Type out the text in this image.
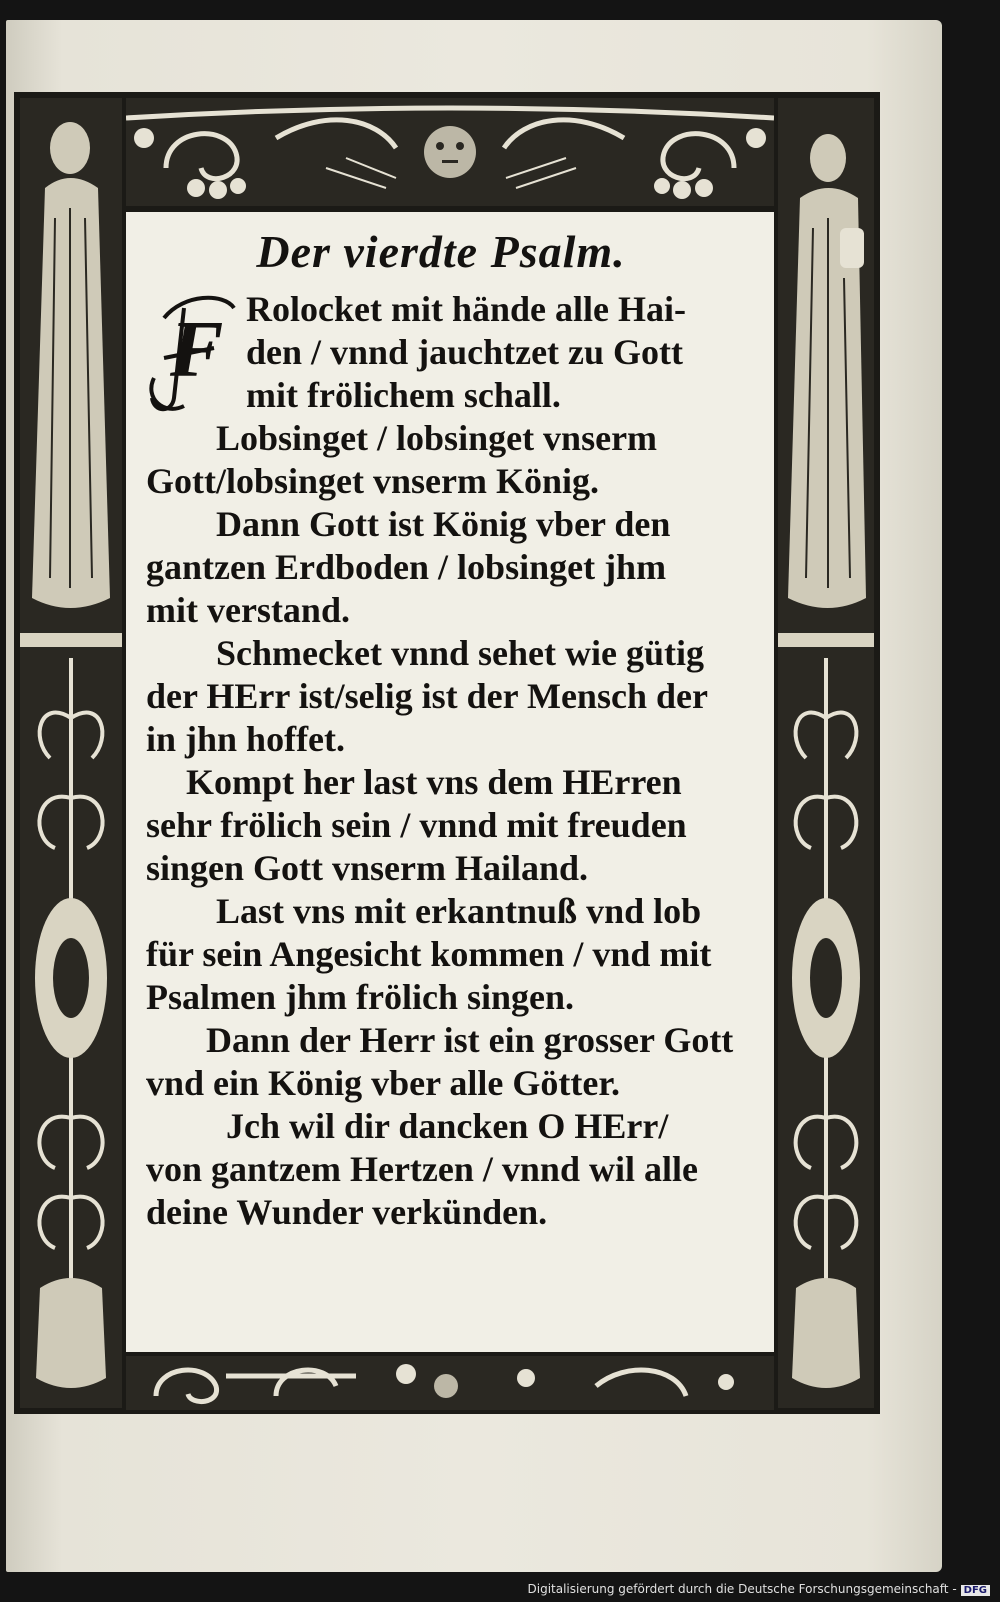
F
Der vierdte Psalm.

Rolocket mit hände alle Hai-
den / vnnd jauchtzet zu Gott
mit frölichem schall.

Lobsinget / lobsinget vnserm
Gott/lobsinget vnserm König.

Dann Gott ist König vber den
gantzen Erdboden / lobsinget jhm
mit verstand.

Schmecket vnnd sehet wie gütig
der HErr ist/selig ist der Mensch der
in jhn hoffet.

Kompt her last vns dem HErren
sehr frölich sein / vnnd mit freuden
singen Gott vnserm Hailand.

Last vns mit erkantnuß vnd lob
für sein Angesicht kommen / vnd mit
Psalmen jhm frölich singen.

Dann der Herr ist ein grosser Gott
vnd ein König vber alle Götter.

Jch wil dir dancken O HErr/
von gantzem Hertzen / vnnd wil alle
deine Wunder verkünden.

Digitalisierung gefördert durch die Deutsche Forschungsgemeinschaft - DFG
